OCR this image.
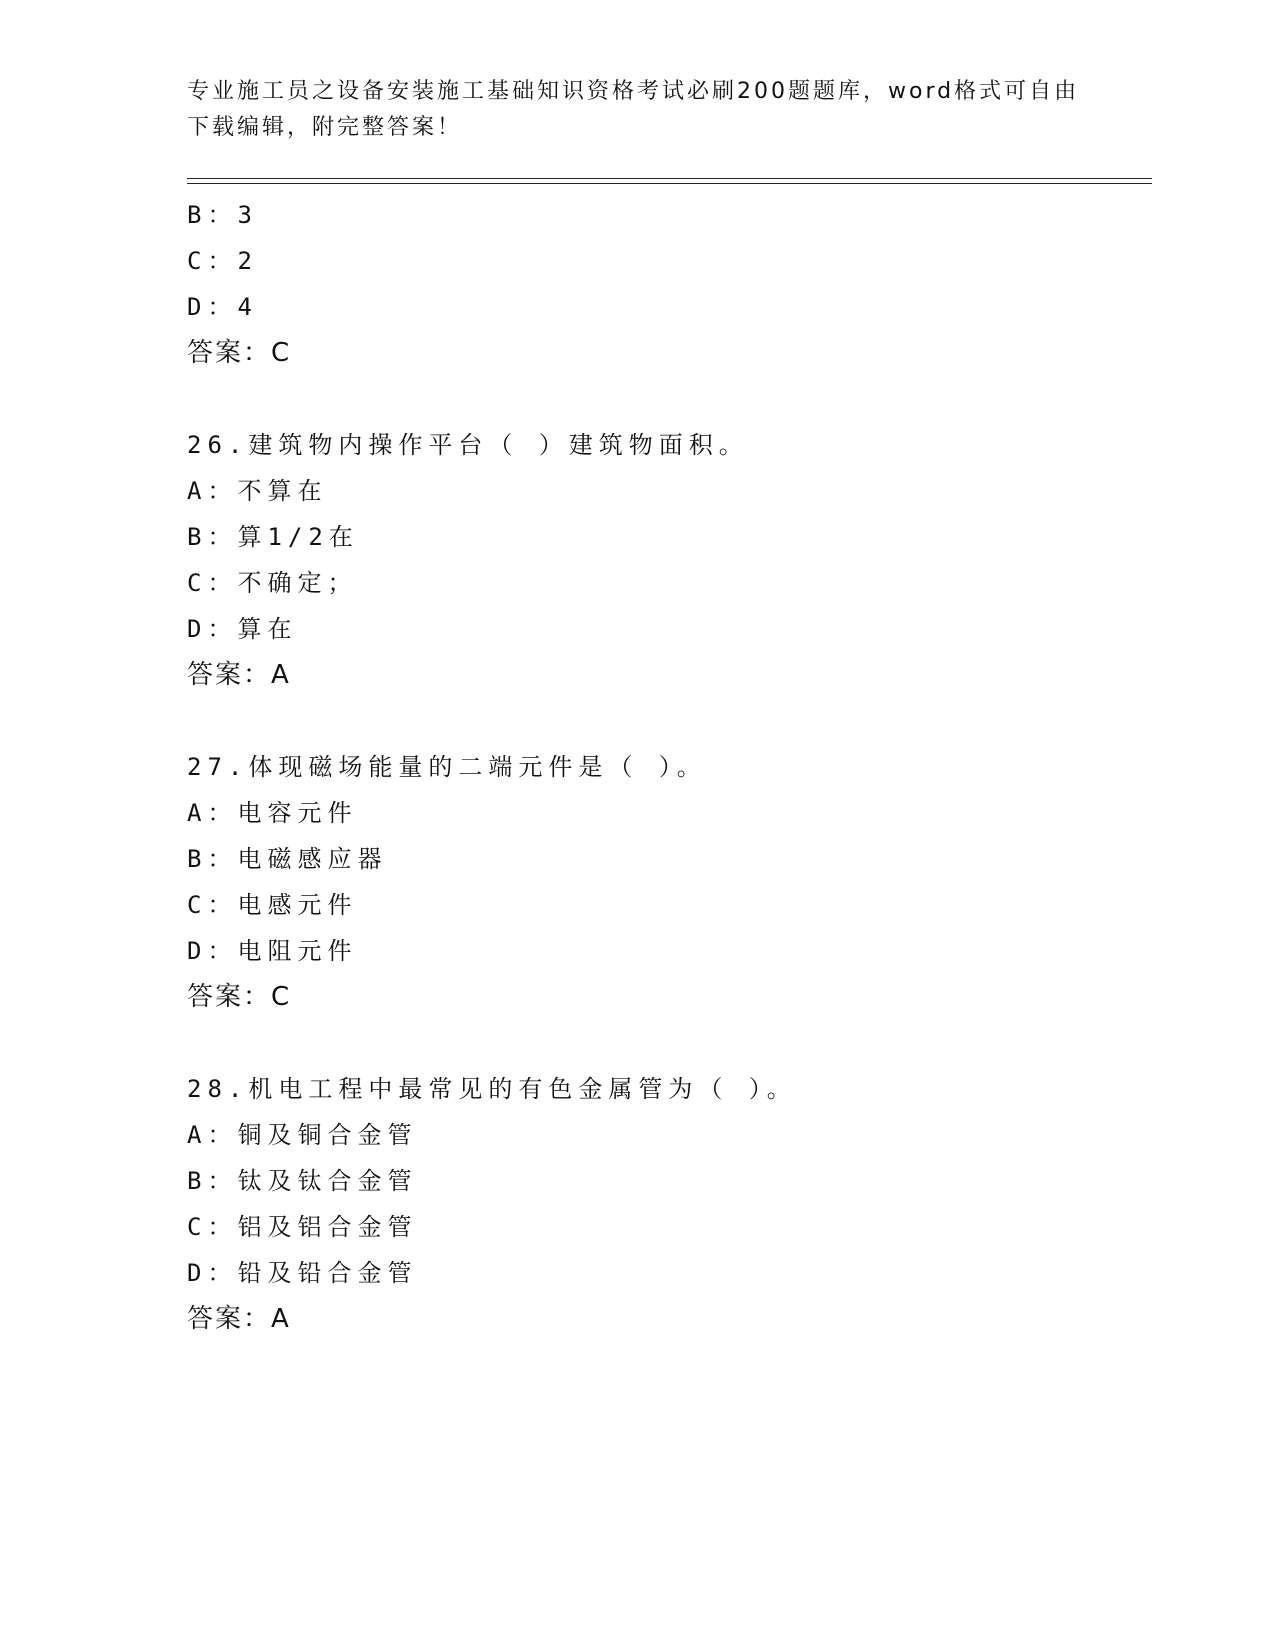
专业施工员之设备安装施工基础知识资格考试必刷200题题库，word格式可自由
下载编辑，附完整答案！
B：3
C：2
D：4
答案：C
26.建筑物内操作平台（ ）建筑物面积。
A：不算在
B：算1/2在
C：不确定；
D：算在
答案：A
27.体现磁场能量的二端元件是（ ）。
A：电容元件
B：电磁感应器
C：电感元件
D：电阻元件
答案：C
28.机电工程中最常见的有色金属管为（ ）。
A：铜及铜合金管
B：钛及钛合金管
C：铝及铝合金管
D：铅及铅合金管
答案：A
